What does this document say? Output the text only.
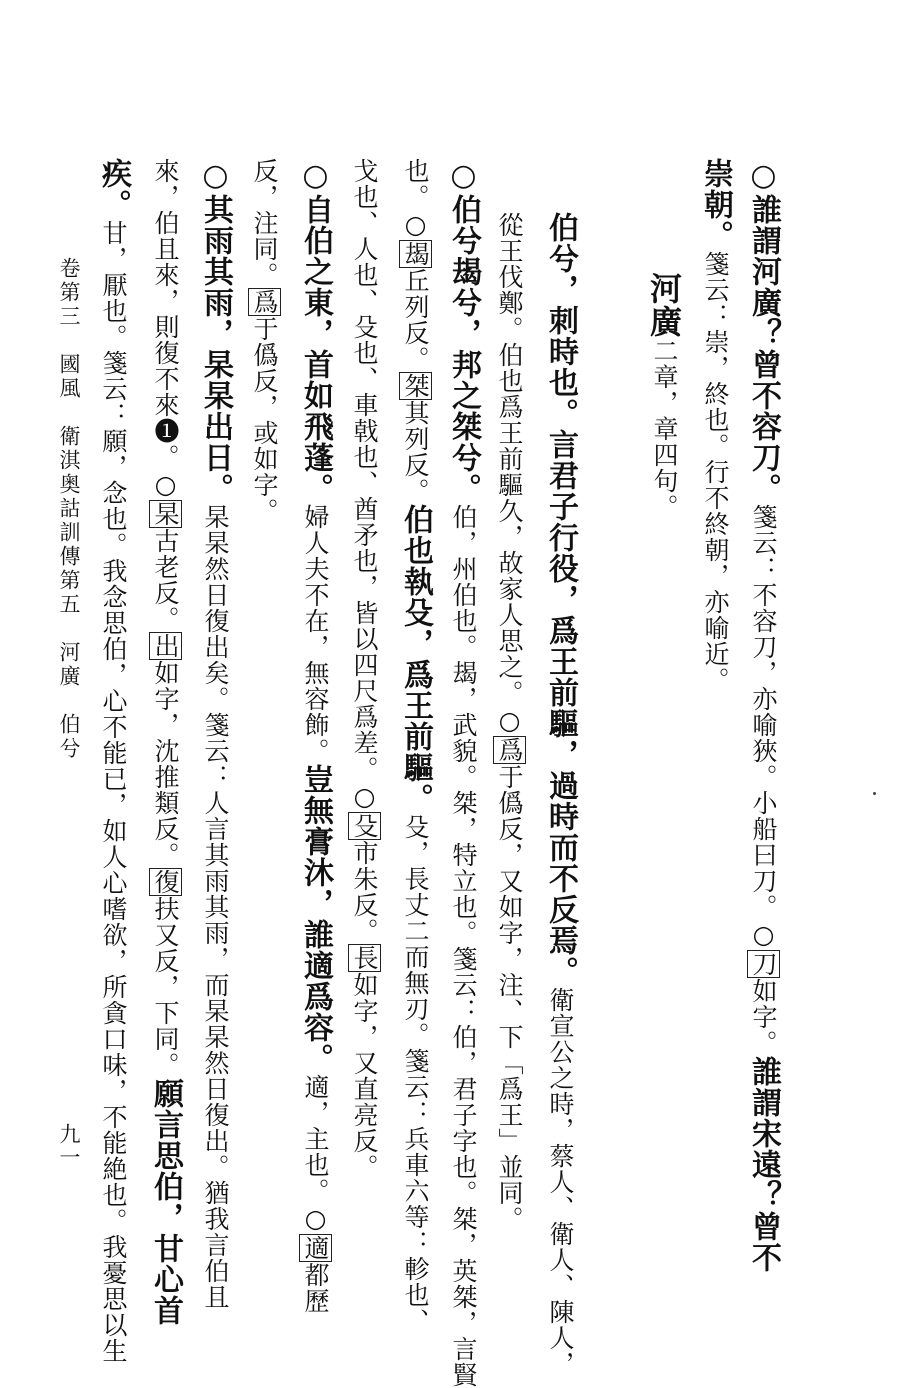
○誰謂河廣？曾不容刀。箋云：不容刀，亦喻狹。小船曰刀。○刀如字。誰謂宋遠？曾不
崇朝。箋云：崇，終也。行不終朝，亦喻近。
河廣二章，章四句。
伯兮，刺時也。言君子行役，爲王前驅，過時而不反焉。衛宣公之時，蔡人、衛人、陳人，
從王伐鄭。伯也爲王前驅久，故家人思之。○爲于僞反，又如字，注、下「爲王」並同。
○伯兮朅兮，邦之桀兮。伯，州伯也。朅，武貌。桀，特立也。箋云：伯，君子字也。桀，英桀，言賢
也。○朅丘列反。桀其列反。伯也執殳，爲王前驅。殳，長丈二而無刃。箋云：兵車六等：軫也、
戈也、人也、殳也、車戟也、酋矛也，皆以四尺爲差。○殳市朱反。長如字，又直亮反。
○自伯之東，首如飛蓬。婦人夫不在，無容飾。豈無膏沐，誰適爲容。適，主也。○適都歷
反，注同。爲于僞反，或如字。
○其雨其雨，杲杲出日。杲杲然日復出矣。箋云：人言其雨其雨，而杲杲然日復出。猶我言伯且
來，伯且來，則復不來❶。○杲古老反。出如字，沈推類反。復扶又反，下同。願言思伯，甘心首
疾。甘，厭也。箋云：願，念也。我念思伯，心不能已，如人心嗜欲，所貪口味，不能絶也。我憂思以生
卷第三　國風　衛淇奥詁訓傳第五　河廣　伯兮
九一
